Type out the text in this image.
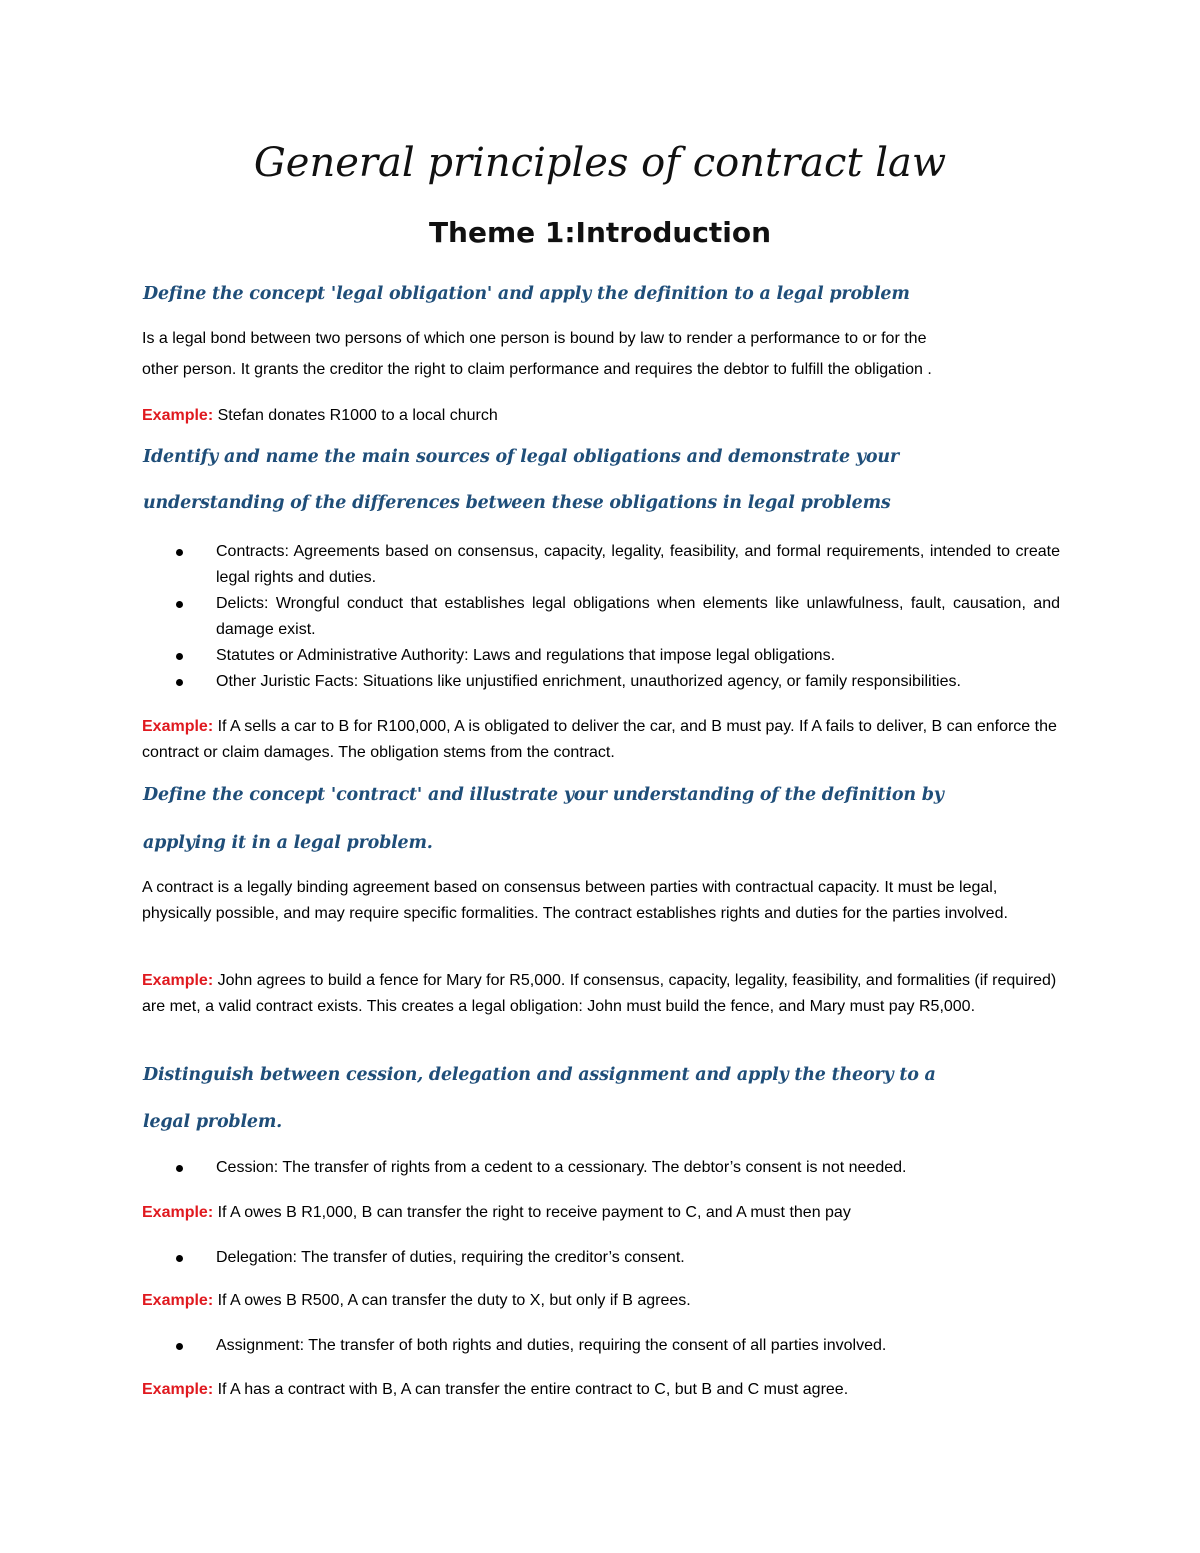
General principles of contract law
Theme 1:Introduction
Define the concept 'legal obligation' and apply the definition to a legal problem
Is a legal bond between two persons of which one person is bound by law to render a performance to or for the
other person. It grants the creditor the right to claim performance and requires the debtor to fulfill the obligation .
Example: Stefan donates R1000 to a local church
Identify and name the main sources of legal obligations and demonstrate your
understanding of the differences between these obligations in legal problems
Contracts: Agreements based on consensus, capacity, legality, feasibility, and formal requirements, intended to create legal rights and duties.
Delicts: Wrongful conduct that establishes legal obligations when elements like unlawfulness, fault, causation, and damage exist.
Statutes or Administrative Authority: Laws and regulations that impose legal obligations.
Other Juristic Facts: Situations like unjustified enrichment, unauthorized agency, or family responsibilities.
Example: If A sells a car to B for R100,000, A is obligated to deliver the car, and B must pay. If A fails to deliver, B can enforce the contract or claim damages. The obligation stems from the contract.
Define the concept 'contract' and illustrate your understanding of the definition by
applying it in a legal problem.
A contract is a legally binding agreement based on consensus between parties with contractual capacity. It must be legal, physically possible, and may require specific formalities. The contract establishes rights and duties for the parties involved.
Example: John agrees to build a fence for Mary for R5,000. If consensus, capacity, legality, feasibility, and formalities (if required) are met, a valid contract exists. This creates a legal obligation: John must build the fence, and Mary must pay R5,000.
Distinguish between cession, delegation and assignment and apply the theory to a
legal problem.
Cession: The transfer of rights from a cedent to a cessionary. The debtor’s consent is not needed.
Example: If A owes B R1,000, B can transfer the right to receive payment to C, and A must then pay
Delegation: The transfer of duties, requiring the creditor’s consent.
Example: If A owes B R500, A can transfer the duty to X, but only if B agrees.
Assignment: The transfer of both rights and duties, requiring the consent of all parties involved.
Example: If A has a contract with B, A can transfer the entire contract to C, but B and C must agree.
